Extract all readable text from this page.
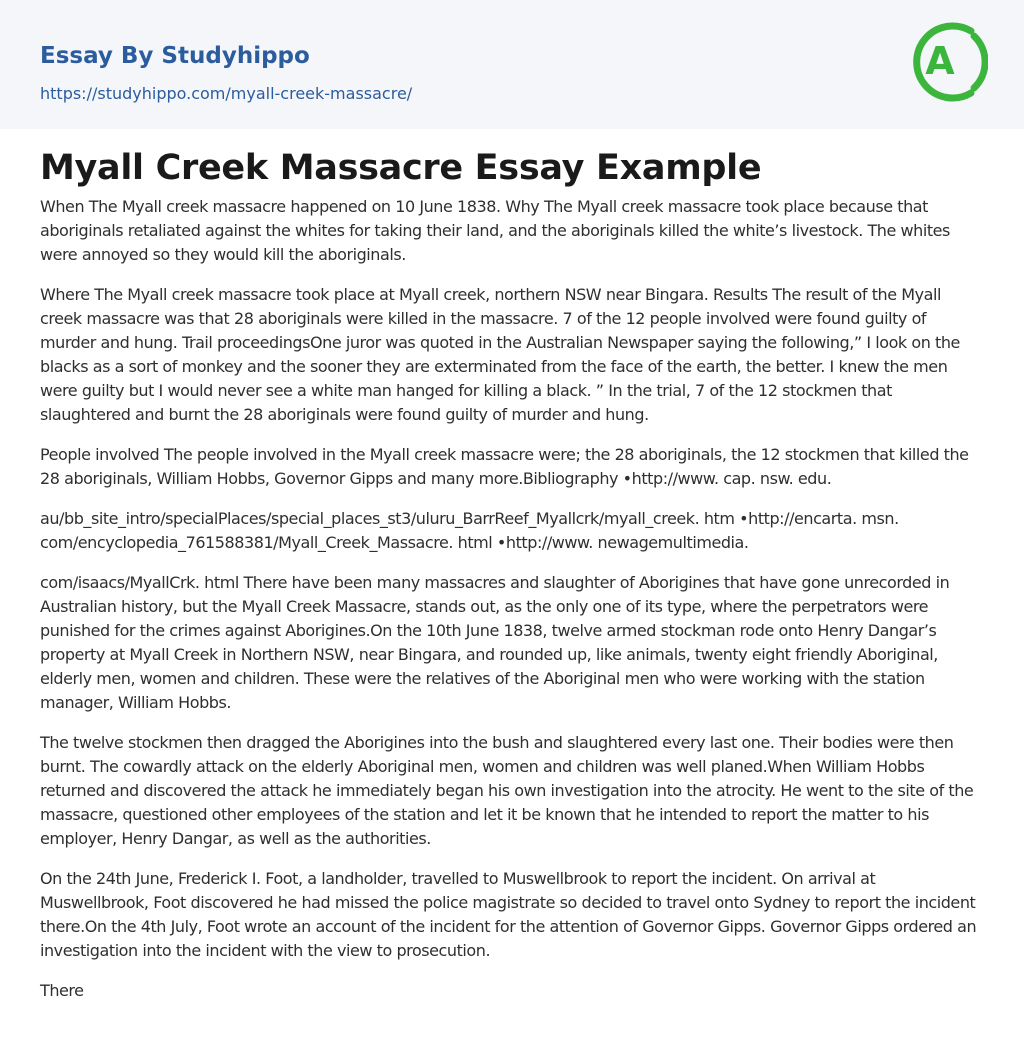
Essay By Studyhippo
https://studyhippo.com/myall-creek-massacre/
A
Myall Creek Massacre Essay Example

When The Myall creek massacre happened on 10 June 1838. Why The Myall creek massacre took place because that aboriginals retaliated against the whites for taking their land, and the aboriginals killed the white’s livestock. The whites were annoyed so they would kill the aboriginals.

Where The Myall creek massacre took place at Myall creek, northern NSW near Bingara. Results The result of the Myall creek massacre was that 28 aboriginals were killed in the massacre. 7 of the 12 people involved were found guilty of murder and hung. Trail proceedingsOne juror was quoted in the Australian Newspaper saying the following,” I look on the blacks as a sort of monkey and the sooner they are exterminated from the face of the earth, the better. I knew the men were guilty but I would never see a white man hanged for killing a black. ” In the trial, 7 of the 12 stockmen that slaughtered and burnt the 28 aboriginals were found guilty of murder and hung.

People involved The people involved in the Myall creek massacre were; the 28 aboriginals, the 12 stockmen that killed the 28 aboriginals, William Hobbs, Governor Gipps and many more.Bibliography •http://www. cap. nsw. edu.

au/bb_site_intro/specialPlaces/special_places_st3/uluru_BarrReef_Myallcrk/myall_creek. htm •http://encarta. msn. com/encyclopedia_761588381/Myall_Creek_Massacre. html •http://www. newagemultimedia.

com/isaacs/MyallCrk. html There have been many massacres and slaughter of Aborigines that have gone unrecorded in Australian history, but the Myall Creek Massacre, stands out, as the only one of its type, where the perpetrators were punished for the crimes against Aborigines.On the 10th June 1838, twelve armed stockman rode onto Henry Dangar’s property at Myall Creek in Northern NSW, near Bingara, and rounded up, like animals, twenty eight friendly Aboriginal, elderly men, women and children. These were the relatives of the Aboriginal men who were working with the station manager, William Hobbs.

The twelve stockmen then dragged the Aborigines into the bush and slaughtered every last one. Their bodies were then burnt. The cowardly attack on the elderly Aboriginal men, women and children was well planed.When William Hobbs returned and discovered the attack he immediately began his own investigation into the atrocity. He went to the site of the massacre, questioned other employees of the station and let it be known that he intended to report the matter to his employer, Henry Dangar, as well as the authorities.

On the 24th June, Frederick I. Foot, a landholder, travelled to Muswellbrook to report the incident. On arrival at Muswellbrook, Foot discovered he had missed the police magistrate so decided to travel onto Sydney to report the incident there.On the 4th July, Foot wrote an account of the incident for the attention of Governor Gipps. Governor Gipps ordered an investigation into the incident with the view to prosecution.

There
